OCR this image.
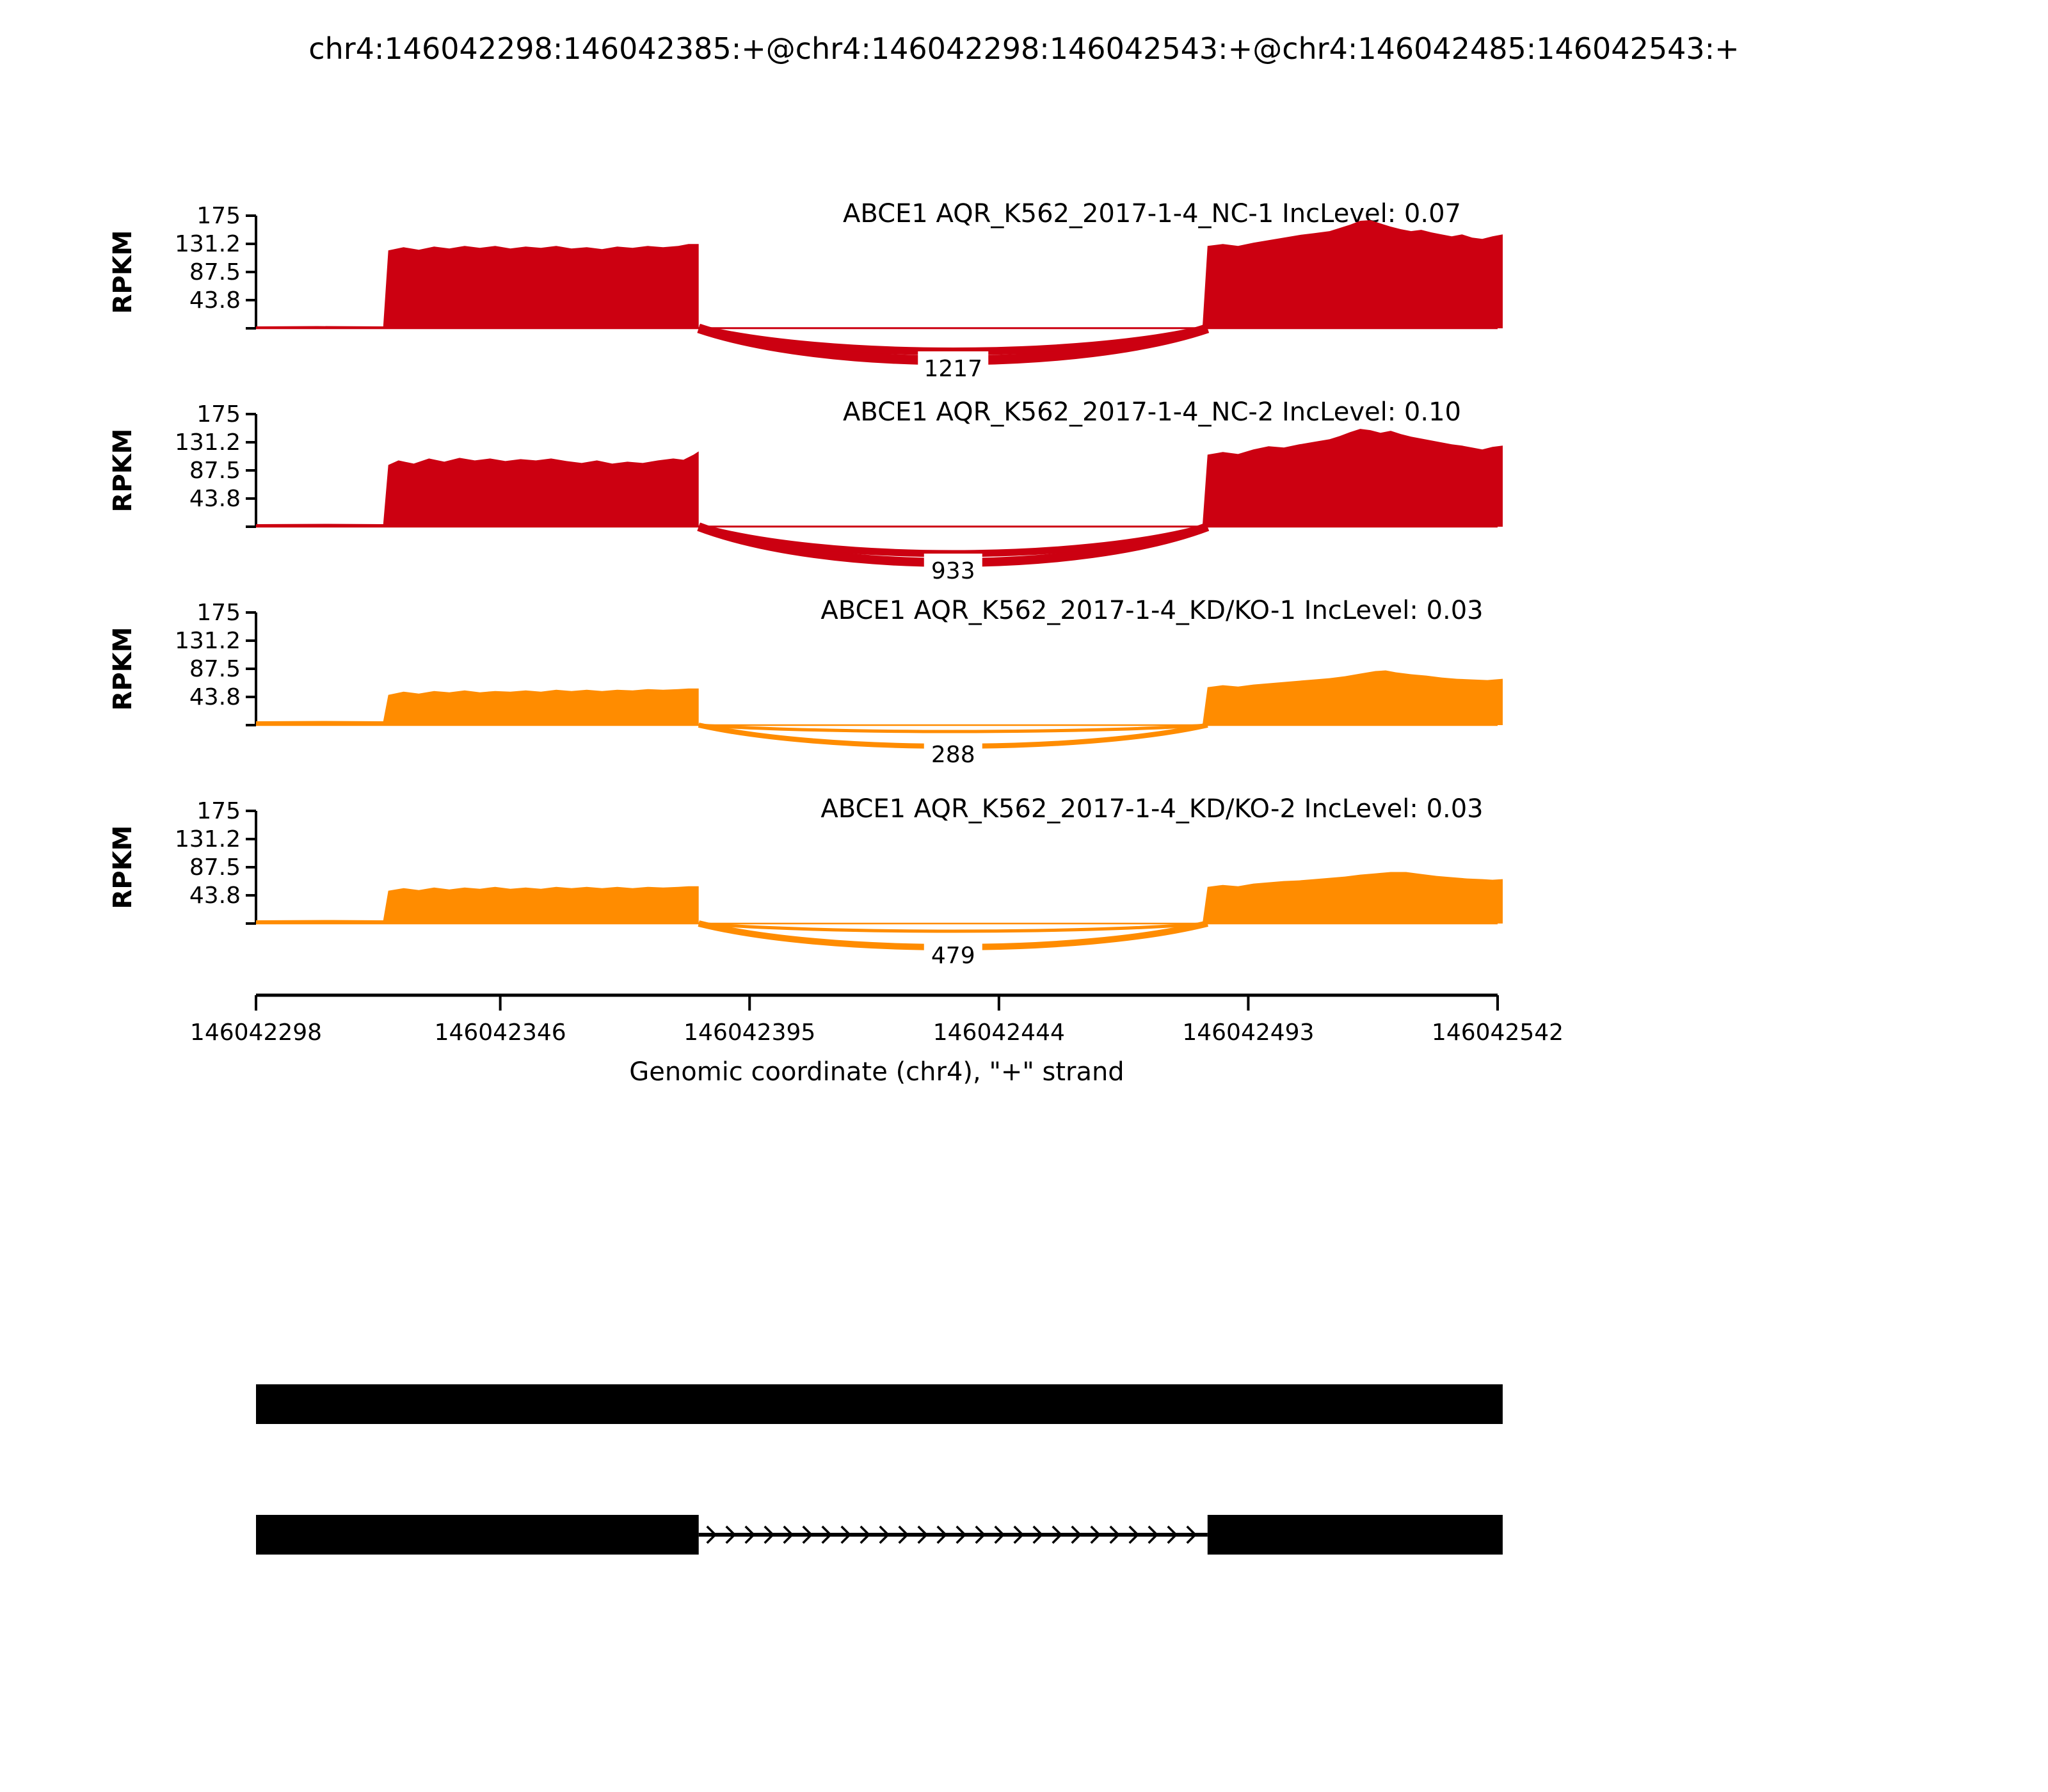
chr4:146042298:146042385:+@chr4:146042298:146042543:+@chr4:146042485:146042543:+
175
131.2
87.5
43.8
RPKM
ABCE1 AQR_K562_2017-1-4_NC-1 IncLevel: 0.07
1217
175
131.2
87.5
43.8
RPKM
ABCE1 AQR_K562_2017-1-4_NC-2 IncLevel: 0.10
933
175
131.2
87.5
43.8
RPKM
ABCE1 AQR_K562_2017-1-4_KD/KO-1 IncLevel: 0.03
288
175
131.2
87.5
43.8
RPKM
ABCE1 AQR_K562_2017-1-4_KD/KO-2 IncLevel: 0.03
479
146042298	146042346	146042395	146042444	146042493	146042542
Genomic coordinate (chr4), "+" strand
